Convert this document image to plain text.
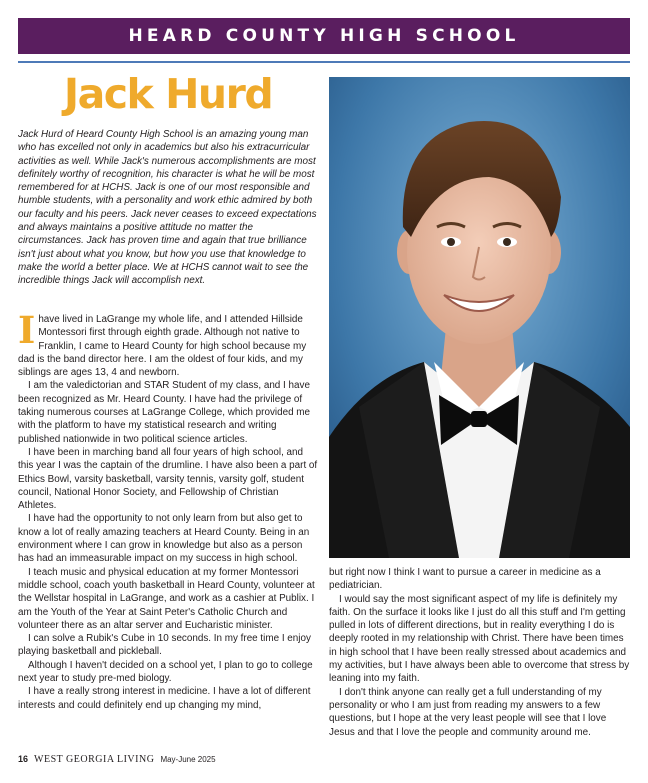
HEARD COUNTY HIGH SCHOOL
Jack Hurd

Jack Hurd of Heard County High School is an amazing young man who has excelled not only in academics but also his extracurricular activities as well. While Jack's numerous accomplishments are most definitely worthy of recognition, his character is what he will be most remembered for at HCHS. Jack is one of our most responsible and humble students, with a personality and work ethic admired by both our faculty and his peers. Jack never ceases to exceed expectations and always maintains a positive attitude no matter the circumstances. Jack has proven time and again that true brilliance isn't just about what you know, but how you use that knowledge to make the world a better place. We at HCHS cannot wait to see the incredible things Jack will accomplish next.

Ihave lived in LaGrange my whole life, and I attended Hillside Montessori first through eighth grade. Although not native to Franklin, I came to Heard County for high school because my dad is the band director here. I am the oldest of four kids, and my siblings are ages 13, 4 and newborn.

I am the valedictorian and STAR Student of my class, and I have been recognized as Mr. Heard County. I have had the privilege of taking numerous courses at LaGrange College, which provided me with the platform to have my statistical research and writing published nationwide in two political science articles.

I have been in marching band all four years of high school, and this year I was the captain of the drumline. I have also been a part of Ethics Bowl, varsity basketball, varsity tennis, varsity golf, student council, National Honor Society, and Fellowship of Christian Athletes.

I have had the opportunity to not only learn from but also get to know a lot of really amazing teachers at Heard County. Being in an environment where I can grow in knowledge but also as a person has had an immeasurable impact on my success in high school.

I teach music and physical education at my former Montessori middle school, coach youth basketball in Heard County, volunteer at the Wellstar hospital in LaGrange, and work as a cashier at Publix. I am the Youth of the Year at Saint Peter's Catholic Church and volunteer there as an altar server and Eucharistic minister.

I can solve a Rubik's Cube in 10 seconds. In my free time I enjoy playing basketball and pickleball.

Although I haven't decided on a school yet, I plan to go to college next year to study pre-med biology.

I have a really strong interest in medicine. I have a lot of different interests and could definitely end up changing my mind,

but right now I think I want to pursue a career in medicine as a pediatrician.

I would say the most significant aspect of my life is definitely my faith. On the surface it looks like I just do all this stuff and I'm getting pulled in lots of different directions, but in reality everything I do is deeply rooted in my relationship with Christ. There have been times in high school that I have been really stressed about academics and my activities, but I have always been able to overcome that stress by leaning into my faith.

I don't think anyone can really get a full understanding of my personality or who I am just from reading my answers to a few questions, but I hope at the very least people will see that I love Jesus and that I love the people and community around me.

16 WEST GEORGIA LIVING May-June 2025
